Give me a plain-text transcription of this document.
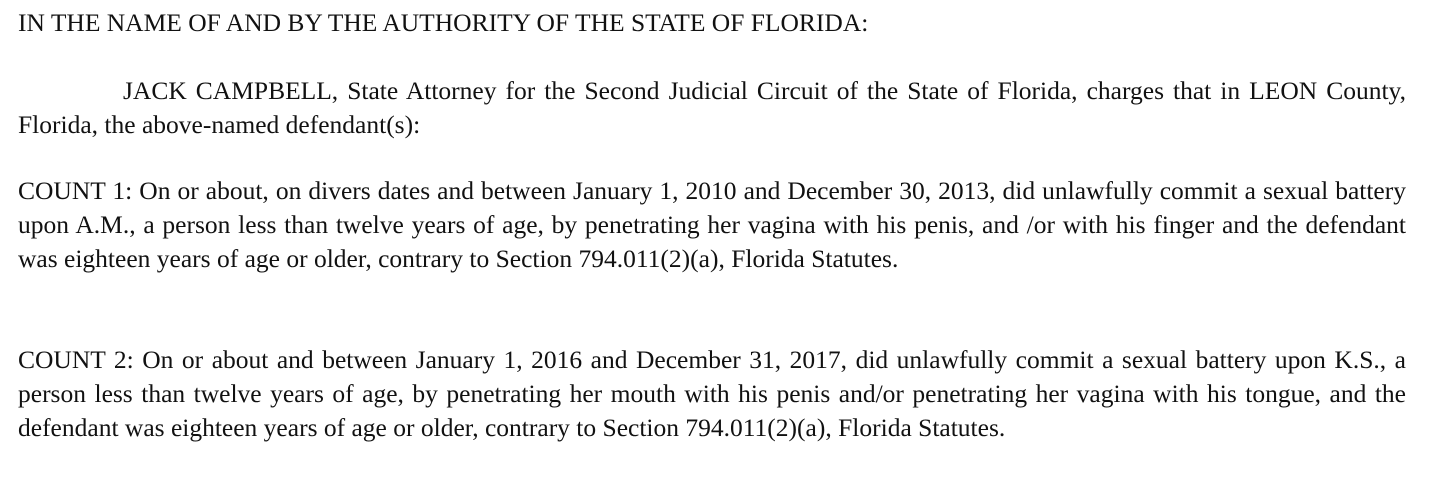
IN THE NAME OF AND BY THE AUTHORITY OF THE STATE OF FLORIDA:

JACK CAMPBELL, State Attorney for the Second Judicial Circuit of the State of Florida, charges that in LEON County, Florida, the above-named defendant(s):

COUNT 1: On or about, on divers dates and between January 1, 2010 and December 30, 2013, did unlawfully commit a sexual battery upon A.M., a person less than twelve years of age, by penetrating her vagina with his penis, and /or with his finger and the defendant was eighteen years of age or older, contrary to Section 794.011(2)(a), Florida Statutes.

COUNT 2: On or about and between January 1, 2016 and December 31, 2017, did unlawfully commit a sexual battery upon K.S., a person less than twelve years of age, by penetrating her mouth with his penis and/or penetrating her vagina with his tongue, and the defendant was eighteen years of age or older, contrary to Section 794.011(2)(a), Florida Statutes.
